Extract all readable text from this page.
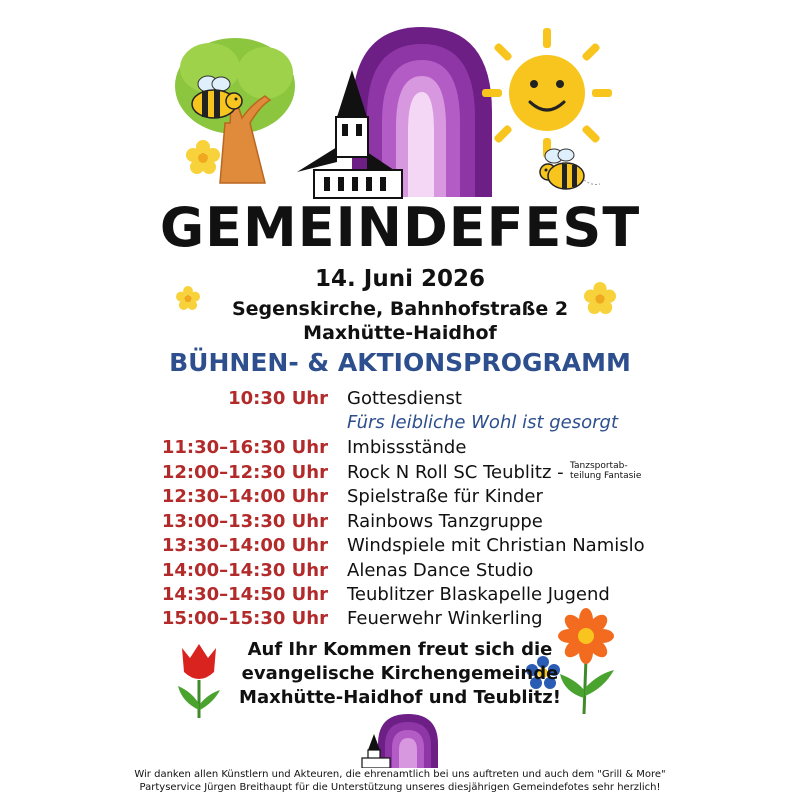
GEMEINDEFEST
14. Juni 2026
Segenskirche, Bahnhofstraße 2
Maxhütte-Haidhof
BÜHNEN- & AKTIONSPROGRAMM
10:30 Uhr Gottesdienst
Fürs leibliche Wohl ist gesorgt
11:30–16:30 Uhr Imbissstände
12:00–12:30 Uhr Rock N Roll SC Teublitz - Tanzsportab-
teilung Fantasie
12:30–14:00 Uhr Spielstraße für Kinder
13:00–13:30 Uhr Rainbows Tanzgruppe
13:30–14:00 Uhr Windspiele mit Christian Namislo
14:00–14:30 Uhr Alenas Dance Studio
14:30–14:50 Uhr Teublitzer Blaskapelle Jugend
15:00–15:30 Uhr Feuerwehr Winkerling
Auf Ihr Kommen freut sich die
evangelische Kirchengemeinde
Maxhütte-Haidhof und Teublitz!
Wir danken allen Künstlern und Akteuren, die ehrenamtlich bei uns auftreten und auch dem "Grill & More"
Partyservice Jürgen Breithaupt für die Unterstützung unseres diesjährigen Gemeindefotes sehr herzlich!
